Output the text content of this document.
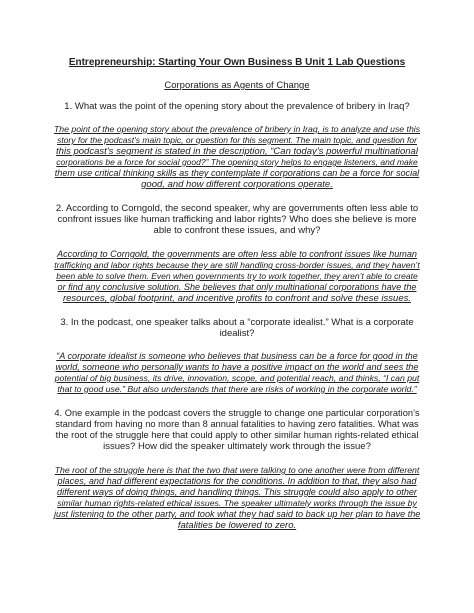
Entrepreneurship: Starting Your Own Business B Unit 1 Lab Questions
Corporations as Agents of Change
1. What was the point of the opening story about the prevalence of bribery in Iraq?
The point of the opening story about the prevalence of bribery in Iraq, is to analyze and use this
story for the podcast’s main topic, or question for this segment. The main topic, and question for
this podcast’s segment is stated in the description, “Can today’s powerful multinational
corporations be a force for social good?” The opening story helps to engage listeners, and make
them use critical thinking skills as they contemplate if corporations can be a force for social
good, and how different corporations operate.
2. According to Corngold, the second speaker, why are governments often less able to
confront issues like human trafficking and labor rights? Who does she believe is more
able to confront these issues, and why?
According to Corngold, the governments are often less able to confront issues like human
trafficking and labor rights because they are still handling cross-border issues, and they haven’t
been able to solve them. Even when governments try to work together, they aren’t able to create
or find any conclusive solution. She believes that only multinational corporations have the
resources, global footprint, and incentive profits to confront and solve these issues.
3. In the podcast, one speaker talks about a “corporate idealist.” What is a corporate
idealist?
“A corporate idealist is someone who believes that business can be a force for good in the
world, someone who personally wants to have a positive impact on the world and sees the
potential of big business, its drive, innovation, scope, and potential reach, and thinks, “I can put
that to good use.” But also understands that there are risks of working in the corporate world.”
4. One example in the podcast covers the struggle to change one particular corporation’s
standard from having no more than 8 annual fatalities to having zero fatalities. What was
the root of the struggle here that could apply to other similar human rights-related ethical
issues? How did the speaker ultimately work through the issue?
The root of the struggle here is that the two that were talking to one another were from different
places, and had different expectations for the conditions. In addition to that, they also had
different ways of doing things, and handling things. This struggle could also apply to other
similar human rights-related ethical issues. The speaker ultimately works through the issue by
just listening to the other party, and took what they had said to back up her plan to have the
fatalities be lowered to zero.
